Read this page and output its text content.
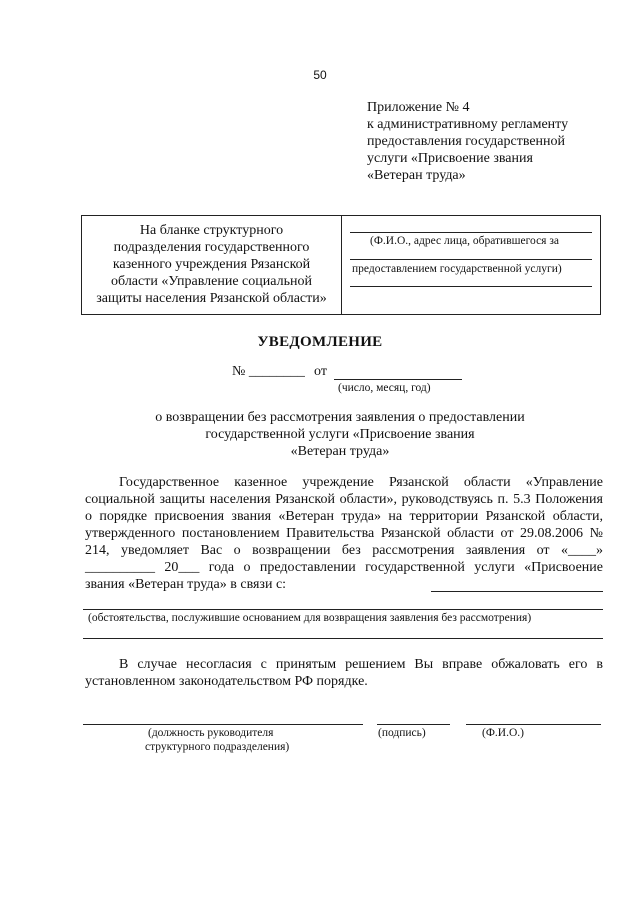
50
Приложение № 4
к административному регламенту
предоставления государственной
услуги «Присвоение звания
«Ветеран труда»
На бланке структурного
подразделения государственного
казенного учреждения Рязанской
области «Управление социальной
защиты населения Рязанской области»
(Ф.И.О., адрес лица, обратившегося за
предоставлением государственной услуги)
УВЕДОМЛЕНИЕ
№ ________ от
(число, месяц, год)
о возвращении без рассмотрения заявления о предоставлении
государственной услуги «Присвоение звания
«Ветеран труда»
Государственное казенное учреждение Рязанской области «Управление социальной защиты населения Рязанской области», руководствуясь п. 5.3 Положения о порядке присвоения звания «Ветеран труда» на территории Рязанской области, утвержденного постановлением Правительства Рязанской области от 29.08.2006 № 214, уведомляет Вас о возвращении без рассмотрения заявления от «____» __________ 20___ года о предоставлении государственной услуги «Присвоение звания «Ветеран труда» в связи с:
(обстоятельства, послужившие основанием для возвращения заявления без рассмотрения)
В случае несогласия с принятым решением Вы вправе обжаловать его в установленном законодательством РФ порядке.
(должность руководителя
структурного подразделения)
(подпись)	(Ф.И.О.)
